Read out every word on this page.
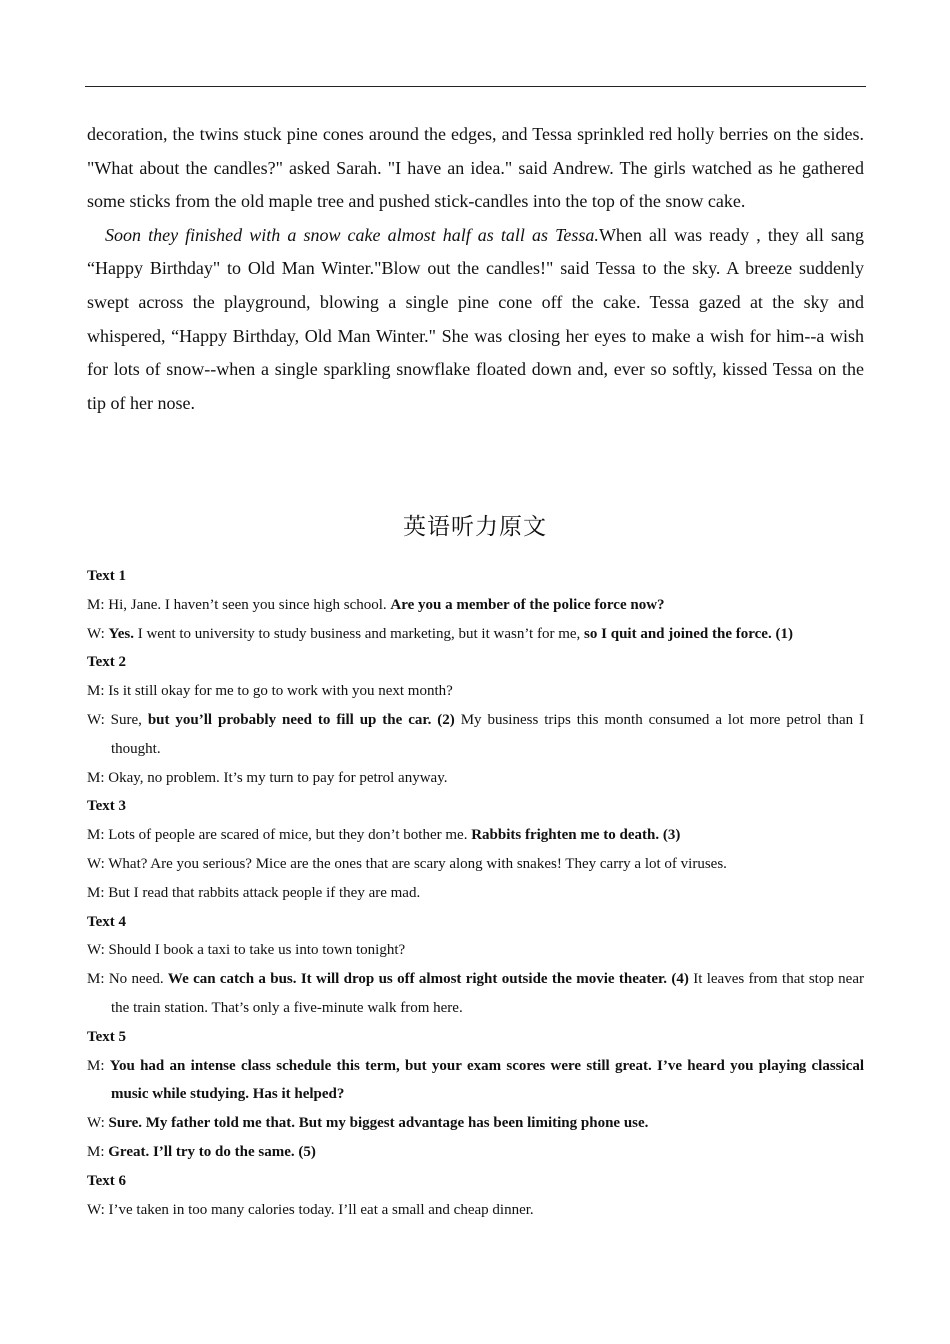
decoration, the twins stuck pine cones around the edges, and Tessa sprinkled red holly berries on the sides. "What about the candles?" asked Sarah. "I have an idea." said Andrew. The girls watched as he gathered some sticks from the old maple tree and pushed stick-candles into the top of the snow cake.

Soon they finished with a snow cake almost half as tall as Tessa.When all was ready , they all sang “Happy Birthday" to Old Man Winter."Blow out the candles!" said Tessa to the sky. A breeze suddenly swept across the playground, blowing a single pine cone off the cake. Tessa gazed at the sky and whispered, “Happy Birthday, Old Man Winter." She was closing her eyes to make a wish for him--a wish for lots of snow--when a single sparkling snowflake floated down and, ever so softly, kissed Tessa on the tip of her nose.

英语听力原文
Text 1
M: Hi, Jane. I haven’t seen you since high school. Are you a member of the police force now?
W: Yes. I went to university to study business and marketing, but it wasn’t for me, so I quit and joined the force. (1)
Text 2
M: Is it still okay for me to go to work with you next month?
W: Sure, but you’ll probably need to fill up the car. (2) My business trips this month consumed a lot more petrol than I thought.
M: Okay, no problem. It’s my turn to pay for petrol anyway.
Text 3
M: Lots of people are scared of mice, but they don’t bother me. Rabbits frighten me to death. (3)
W: What? Are you serious? Mice are the ones that are scary along with snakes! They carry a lot of viruses.
M: But I read that rabbits attack people if they are mad.
Text 4
W: Should I book a taxi to take us into town tonight?
M: No need. We can catch a bus. It will drop us off almost right outside the movie theater. (4) It leaves from that stop near the train station. That’s only a five-minute walk from here.
Text 5
M: You had an intense class schedule this term, but your exam scores were still great. I’ve heard you playing classical music while studying. Has it helped?
W: Sure. My father told me that. But my biggest advantage has been limiting phone use.
M: Great. I’ll try to do the same. (5)
Text 6
W: I’ve taken in too many calories today. I’ll eat a small and cheap dinner.
